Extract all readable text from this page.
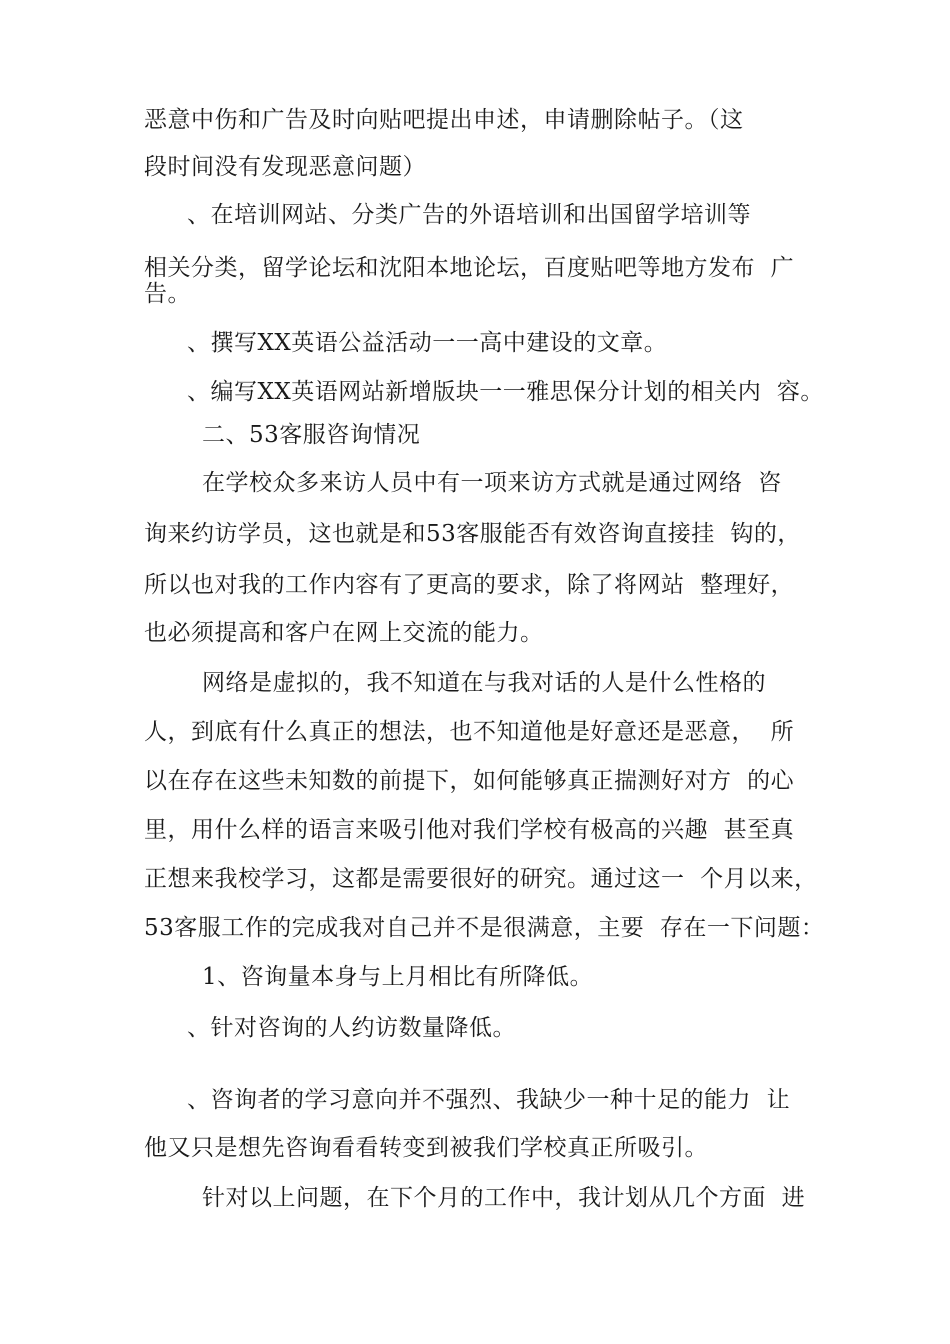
恶意中伤和广告及时向贴吧提出申述，申请删除帖子。（这
段时间没有发现恶意问题）
、在培训网站、分类广告的外语培训和出国留学培训等
相关分类，留学论坛和沈阳本地论坛，百度贴吧等地方发布  广
告。
、撰写XX英语公益活动一一高中建设的文章。
、编写XX英语网站新增版块一一雅思保分计划的相关内  容。
二、53客服咨询情况
在学校众多来访人员中有一项来访方式就是通过网络  咨
询来约访学员，这也就是和53客服能否有效咨询直接挂  钩的，
所以也对我的工作内容有了更高的要求，除了将网站  整理好，
也必须提高和客户在网上交流的能力。
网络是虚拟的，我不知道在与我对话的人是什么性格的
人，到底有什么真正的想法，也不知道他是好意还是恶意，  所
以在存在这些未知数的前提下，如何能够真正揣测好对方  的心
里，用什么样的语言来吸引他对我们学校有极高的兴趣  甚至真
正想来我校学习，这都是需要很好的研究。通过这一  个月以来，
53客服工作的完成我对自己并不是很满意，主要  存在一下问题：
1、咨询量本身与上月相比有所降低。
、针对咨询的人约访数量降低。
、咨询者的学习意向并不强烈、我缺少一种十足的能力  让
他又只是想先咨询看看转变到被我们学校真正所吸引。
针对以上问题，在下个月的工作中，我计划从几个方面  进
